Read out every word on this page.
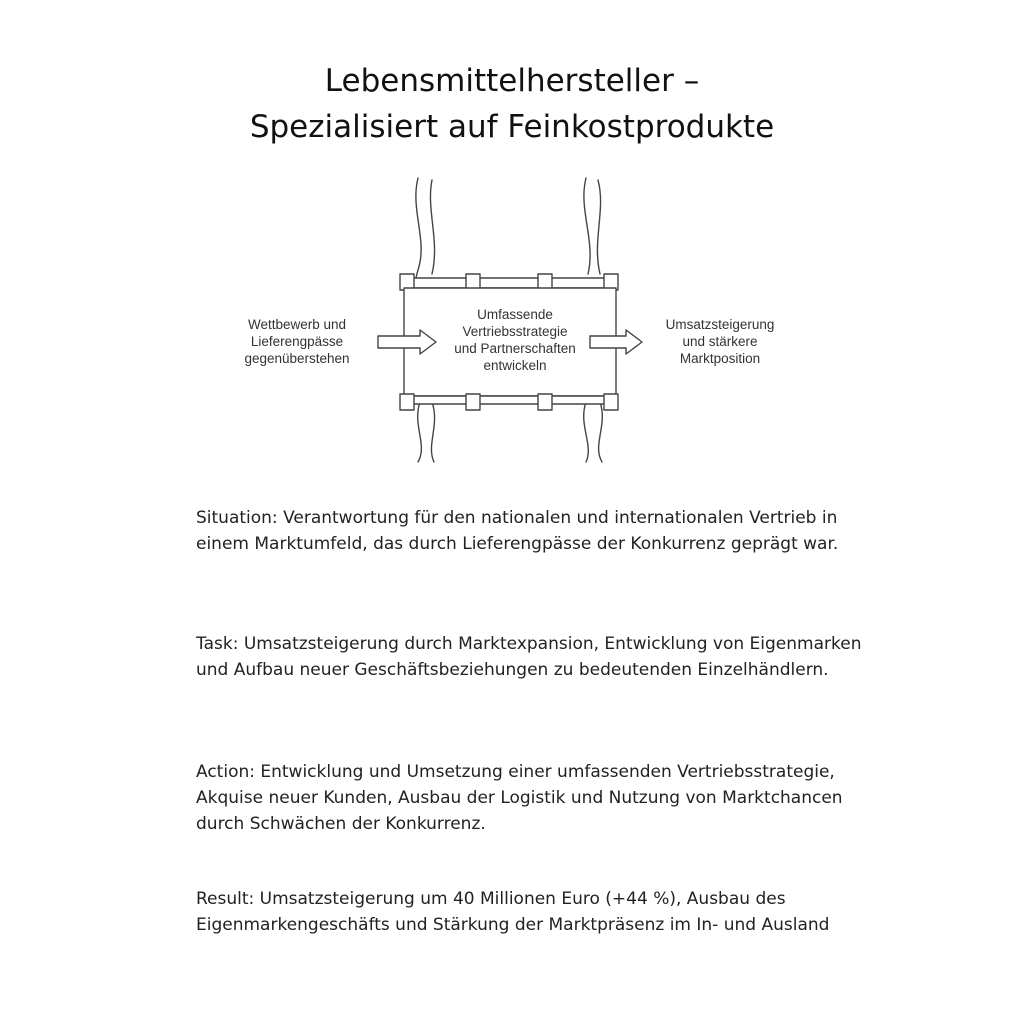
Lebensmittelhersteller –
Spezialisiert auf Feinkostprodukte
Wettbewerb und
Lieferengpässe
gegenüberstehen
Umfassende
Vertriebsstrategie
und Partnerschaften
entwickeln
Umsatzsteigerung
und stärkere
Marktposition

Situation: Verantwortung für den nationalen und internationalen Vertrieb in einem Marktumfeld, das durch Lieferengpässe der Konkurrenz geprägt war.

Task: Umsatzsteigerung durch Marktexpansion, Entwicklung von Eigenmarken und Aufbau neuer Geschäftsbeziehungen zu bedeutenden Einzelhändlern.

Action: Entwicklung und Umsetzung einer umfassenden Vertriebsstrategie, Akquise neuer Kunden, Ausbau der Logistik und Nutzung von Marktchancen durch Schwächen der Konkurrenz.

Result: Umsatzsteigerung um 40 Millionen Euro (+44 %), Ausbau des Eigenmarkengeschäfts und Stärkung der Marktpräsenz im In- und Ausland
